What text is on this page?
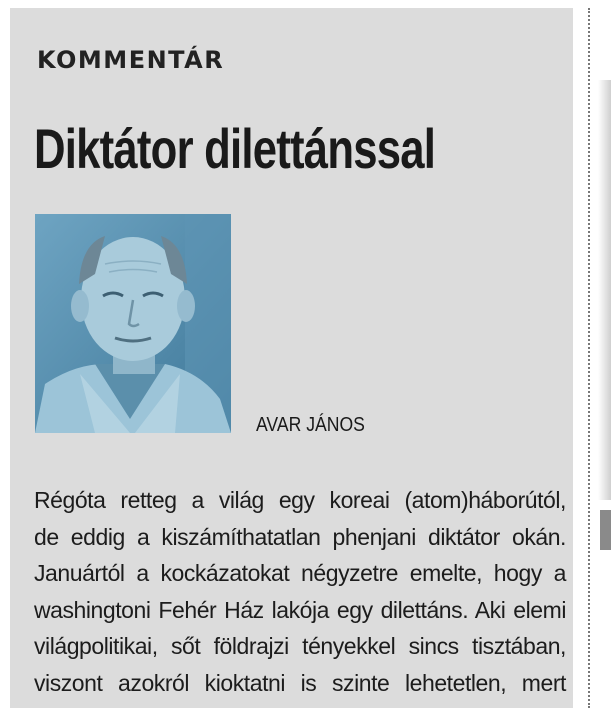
KOMMENTÁR
Diktátor dilettánssal
AVAR JÁNOS
Régóta retteg a világ egy koreai (atom)háborútól,
de eddig a kiszámíthatatlan phenjani diktátor okán.
Januártól a kockázatokat négyzetre emelte, hogy a
washingtoni Fehér Ház lakója egy dilettáns. Aki elemi
világpolitikai, sőt földrajzi tényekkel sincs tisztában,
viszont azokról kioktatni is szinte lehetetlen, mert
